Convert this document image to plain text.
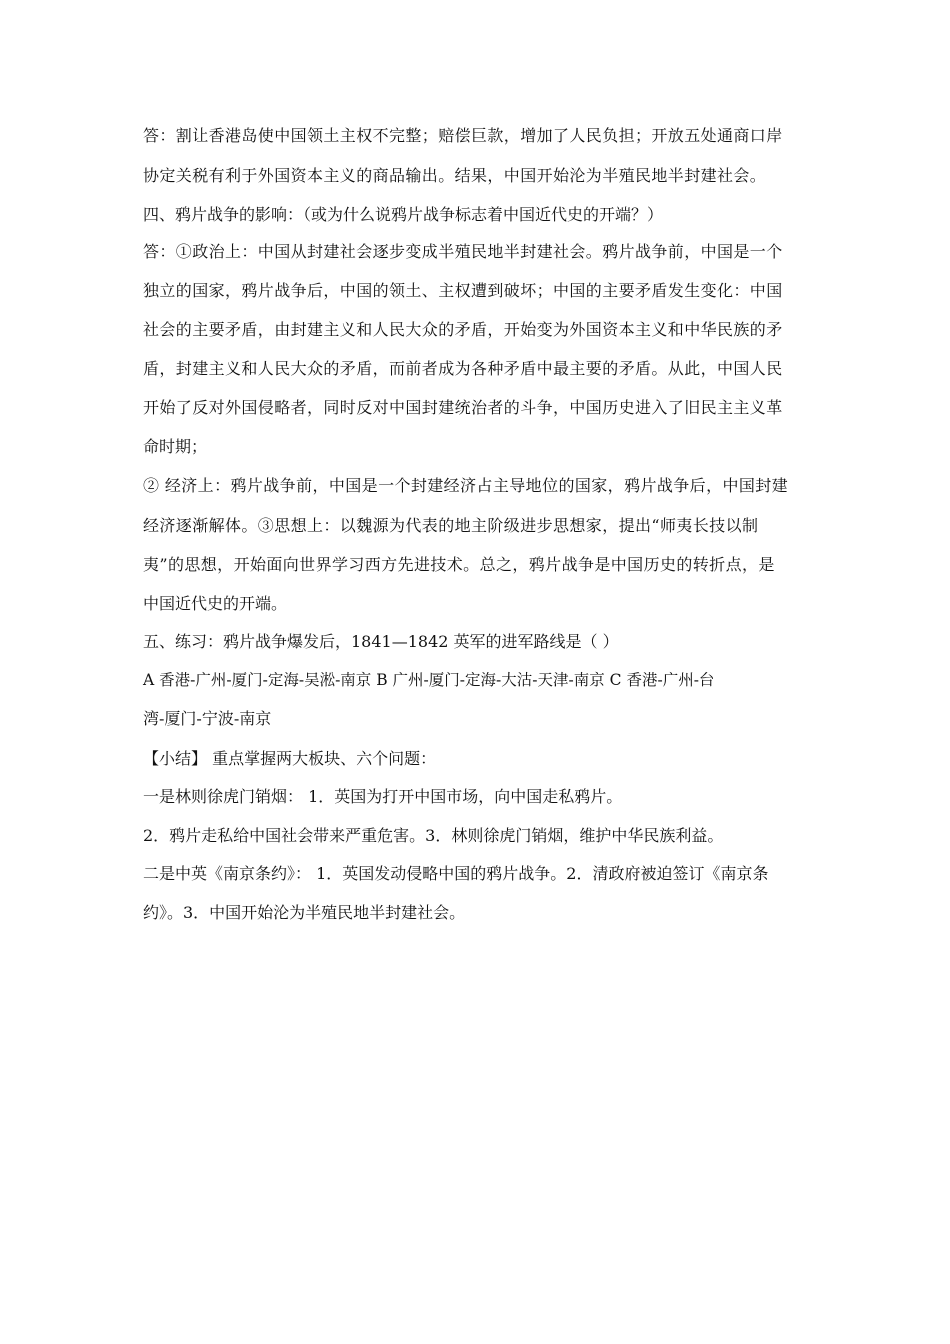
答：割让香港岛使中国领土主权不完整；赔偿巨款，增加了人民负担；开放五处通商口岸
协定关税有利于外国资本主义的商品输出。结果，中国开始沦为半殖民地半封建社会。
四、鸦片战争的影响：（或为什么说鸦片战争标志着中国近代史的开端？）
答：①政治上：中国从封建社会逐步变成半殖民地半封建社会。鸦片战争前，中国是一个
独立的国家，鸦片战争后，中国的领土、主权遭到破坏；中国的主要矛盾发生变化：中国
社会的主要矛盾，由封建主义和人民大众的矛盾，开始变为外国资本主义和中华民族的矛
盾，封建主义和人民大众的矛盾，而前者成为各种矛盾中最主要的矛盾。从此，中国人民
开始了反对外国侵略者，同时反对中国封建统治者的斗争，中国历史进入了旧民主主义革
命时期；
② 经济上：鸦片战争前，中国是一个封建经济占主导地位的国家，鸦片战争后，中国封建
经济逐渐解体。③思想上：以魏源为代表的地主阶级进步思想家，提出“师夷长技以制
夷”的思想，开始面向世界学习西方先进技术。总之，鸦片战争是中国历史的转折点，是
中国近代史的开端。
五、练习：鸦片战争爆发后，1841—1842 英军的进军路线是（ ）
A 香港-广州-厦门-定海-吴淞-南京 B 广州-厦门-定海-大沽-天津-南京 C 香港-广州-台
湾-厦门-宁波-南京
【小结】 重点掌握两大板块、六个问题：
一是林则徐虎门销烟： 1．英国为打开中国市场，向中国走私鸦片。
2．鸦片走私给中国社会带来严重危害。3．林则徐虎门销烟，维护中华民族利益。
二是中英《南京条约》： 1．英国发动侵略中国的鸦片战争。2．清政府被迫签订《南京条
约》。3．中国开始沦为半殖民地半封建社会。
